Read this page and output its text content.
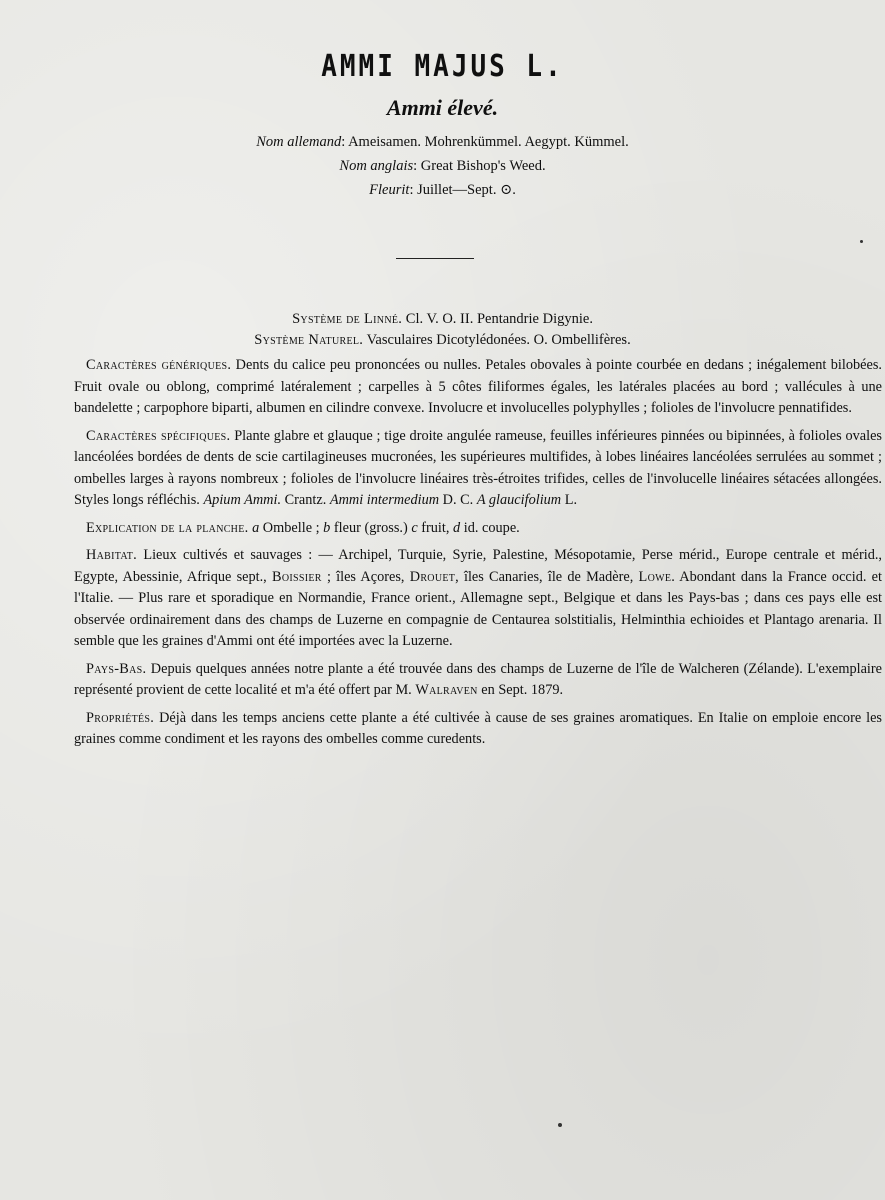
AMMI MAJUS L.
Ammi élevé.
Nom allemand: Ameisamen. Mohrenkümmel. Aegypt. Kümmel.
Nom anglais: Great Bishop's Weed.
Fleurit: Juillet—Sept. ⊙.
Système de Linné. Cl. V. O. II. Pentandrie Digynie.
Système Naturel. Vasculaires Dicotylédonées. O. Ombellifères.

Caractères génériques. Dents du calice peu prononcées ou nulles. Petales obovales à pointe courbée en dedans ; inégalement bilobées. Fruit ovale ou oblong, comprimé latéralement ; carpelles à 5 côtes filiformes égales, les latérales placées au bord ; vallécules à une bandelette ; carpophore biparti, albumen en cilindre convexe. Involucre et involucelles polyphylles ; folioles de l'involucre pennatifides.

Caractères spécifiques. Plante glabre et glauque ; tige droite angulée rameuse, feuilles inférieures pinnées ou bipinnées, à folioles ovales lancéolées bordées de dents de scie cartilagineuses mucronées, les supérieures multifides, à lobes linéaires lancéolées serrulées au sommet ; ombelles larges à rayons nombreux ; folioles de l'involucre linéaires très-étroites trifides, celles de l'involucelle linéaires sétacées allongées. Styles longs réfléchis. Apium Ammi. Crantz. Ammi intermedium D. C. A glaucifolium L.

Explication de la planche. a Ombelle ; b fleur (gross.) c fruit, d id. coupe.

Habitat. Lieux cultivés et sauvages : — Archipel, Turquie, Syrie, Palestine, Mésopotamie, Perse mérid., Europe centrale et mérid., Egypte, Abessinie, Afrique sept., Boissier ; îles Açores, Drouet, îles Canaries, île de Madère, Lowe. Abondant dans la France occid. et l'Italie. — Plus rare et sporadique en Normandie, France orient., Allemagne sept., Belgique et dans les Pays-bas ; dans ces pays elle est observée ordinairement dans des champs de Luzerne en compagnie de Centaurea solstitialis, Helminthia echioides et Plantago arenaria. Il semble que les graines d'Ammi ont été importées avec la Luzerne.

Pays-Bas. Depuis quelques années notre plante a été trouvée dans des champs de Luzerne de l'île de Walcheren (Zélande). L'exemplaire représenté provient de cette localité et m'a été offert par M. Walraven en Sept. 1879.

Propriétés. Déjà dans les temps anciens cette plante a été cultivée à cause de ses graines aromatiques. En Italie on emploie encore les graines comme condiment et les rayons des ombelles comme curedents.
